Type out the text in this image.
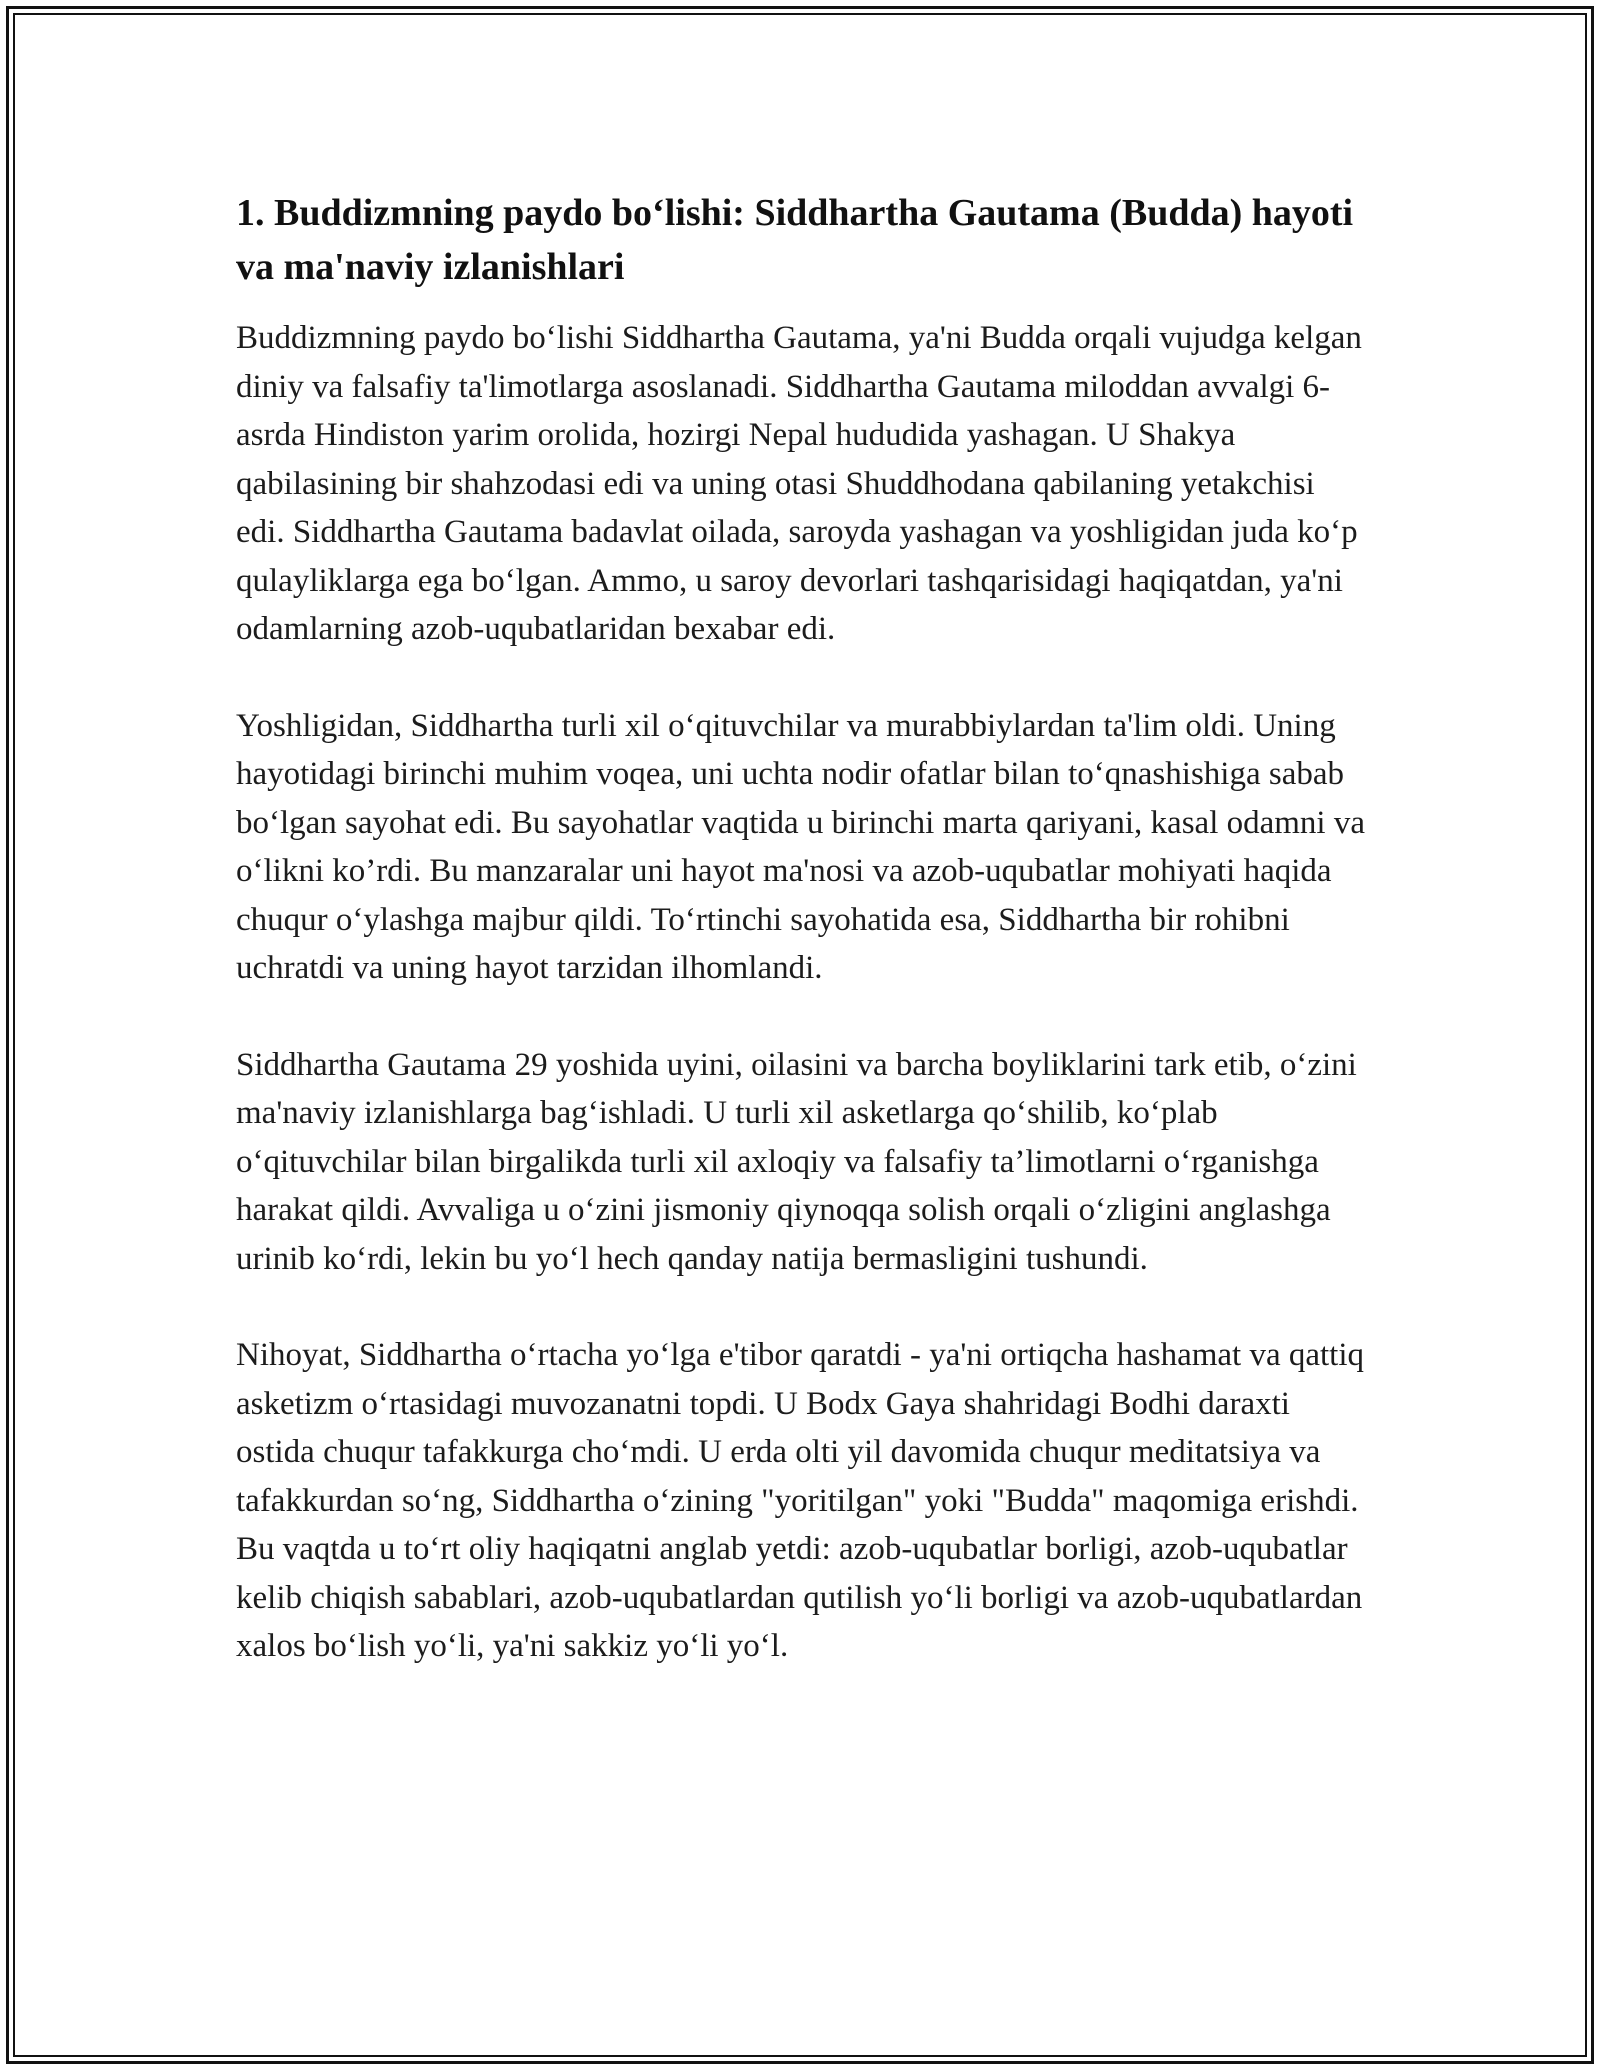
1. Buddizmning paydo bo‘lishi: Siddhartha Gautama (Budda) hayoti va ma'naviy izlanishlari

Buddizmning paydo bo‘lishi Siddhartha Gautama, ya'ni Budda orqali vujudga kelgan diniy va falsafiy ta'limotlarga asoslanadi. Siddhartha Gautama miloddan avvalgi 6-asrda Hindiston yarim orolida, hozirgi Nepal hududida yashagan. U Shakya qabilasining bir shahzodasi edi va uning otasi Shuddhodana qabilaning yetakchisi edi. Siddhartha Gautama badavlat oilada, saroyda yashagan va yoshligidan juda ko‘p qulayliklarga ega bo‘lgan. Ammo, u saroy devorlari tashqarisidagi haqiqatdan, ya'ni odamlarning azob-uqubatlaridan bexabar edi.

Yoshligidan, Siddhartha turli xil o‘qituvchilar va murabbiylardan ta'lim oldi. Uning hayotidagi birinchi muhim voqea, uni uchta nodir ofatlar bilan to‘qnashishiga sabab bo‘lgan sayohat edi. Bu sayohatlar vaqtida u birinchi marta qariyani, kasal odamni va o‘likni ko’rdi. Bu manzaralar uni hayot ma'nosi va azob-uqubatlar mohiyati haqida chuqur o‘ylashga majbur qildi. To‘rtinchi sayohatida esa, Siddhartha bir rohibni uchratdi va uning hayot tarzidan ilhomlandi.

Siddhartha Gautama 29 yoshida uyini, oilasini va barcha boyliklarini tark etib, o‘zini ma'naviy izlanishlarga bag‘ishladi. U turli xil asketlarga qo‘shilib, ko‘plab o‘qituvchilar bilan birgalikda turli xil axloqiy va falsafiy ta’limotlarni o‘rganishga harakat qildi. Avvaliga u o‘zini jismoniy qiynoqqa solish orqali o‘zligini anglashga urinib ko‘rdi, lekin bu yo‘l hech qanday natija bermasligini tushundi.

Nihoyat, Siddhartha o‘rtacha yo‘lga e'tibor qaratdi - ya'ni ortiqcha hashamat va qattiq asketizm o‘rtasidagi muvozanatni topdi. U Bodx Gaya shahridagi Bodhi daraxti ostida chuqur tafakkurga cho‘mdi. U erda olti yil davomida chuqur meditatsiya va tafakkurdan so‘ng, Siddhartha o‘zining "yoritilgan" yoki "Budda" maqomiga erishdi. Bu vaqtda u to‘rt oliy haqiqatni anglab yetdi: azob-uqubatlar borligi, azob-uqubatlar kelib chiqish sabablari, azob-uqubatlardan qutilish yo‘li borligi va azob-uqubatlardan xalos bo‘lish yo‘li, ya'ni sakkiz yo‘li yo‘l.
